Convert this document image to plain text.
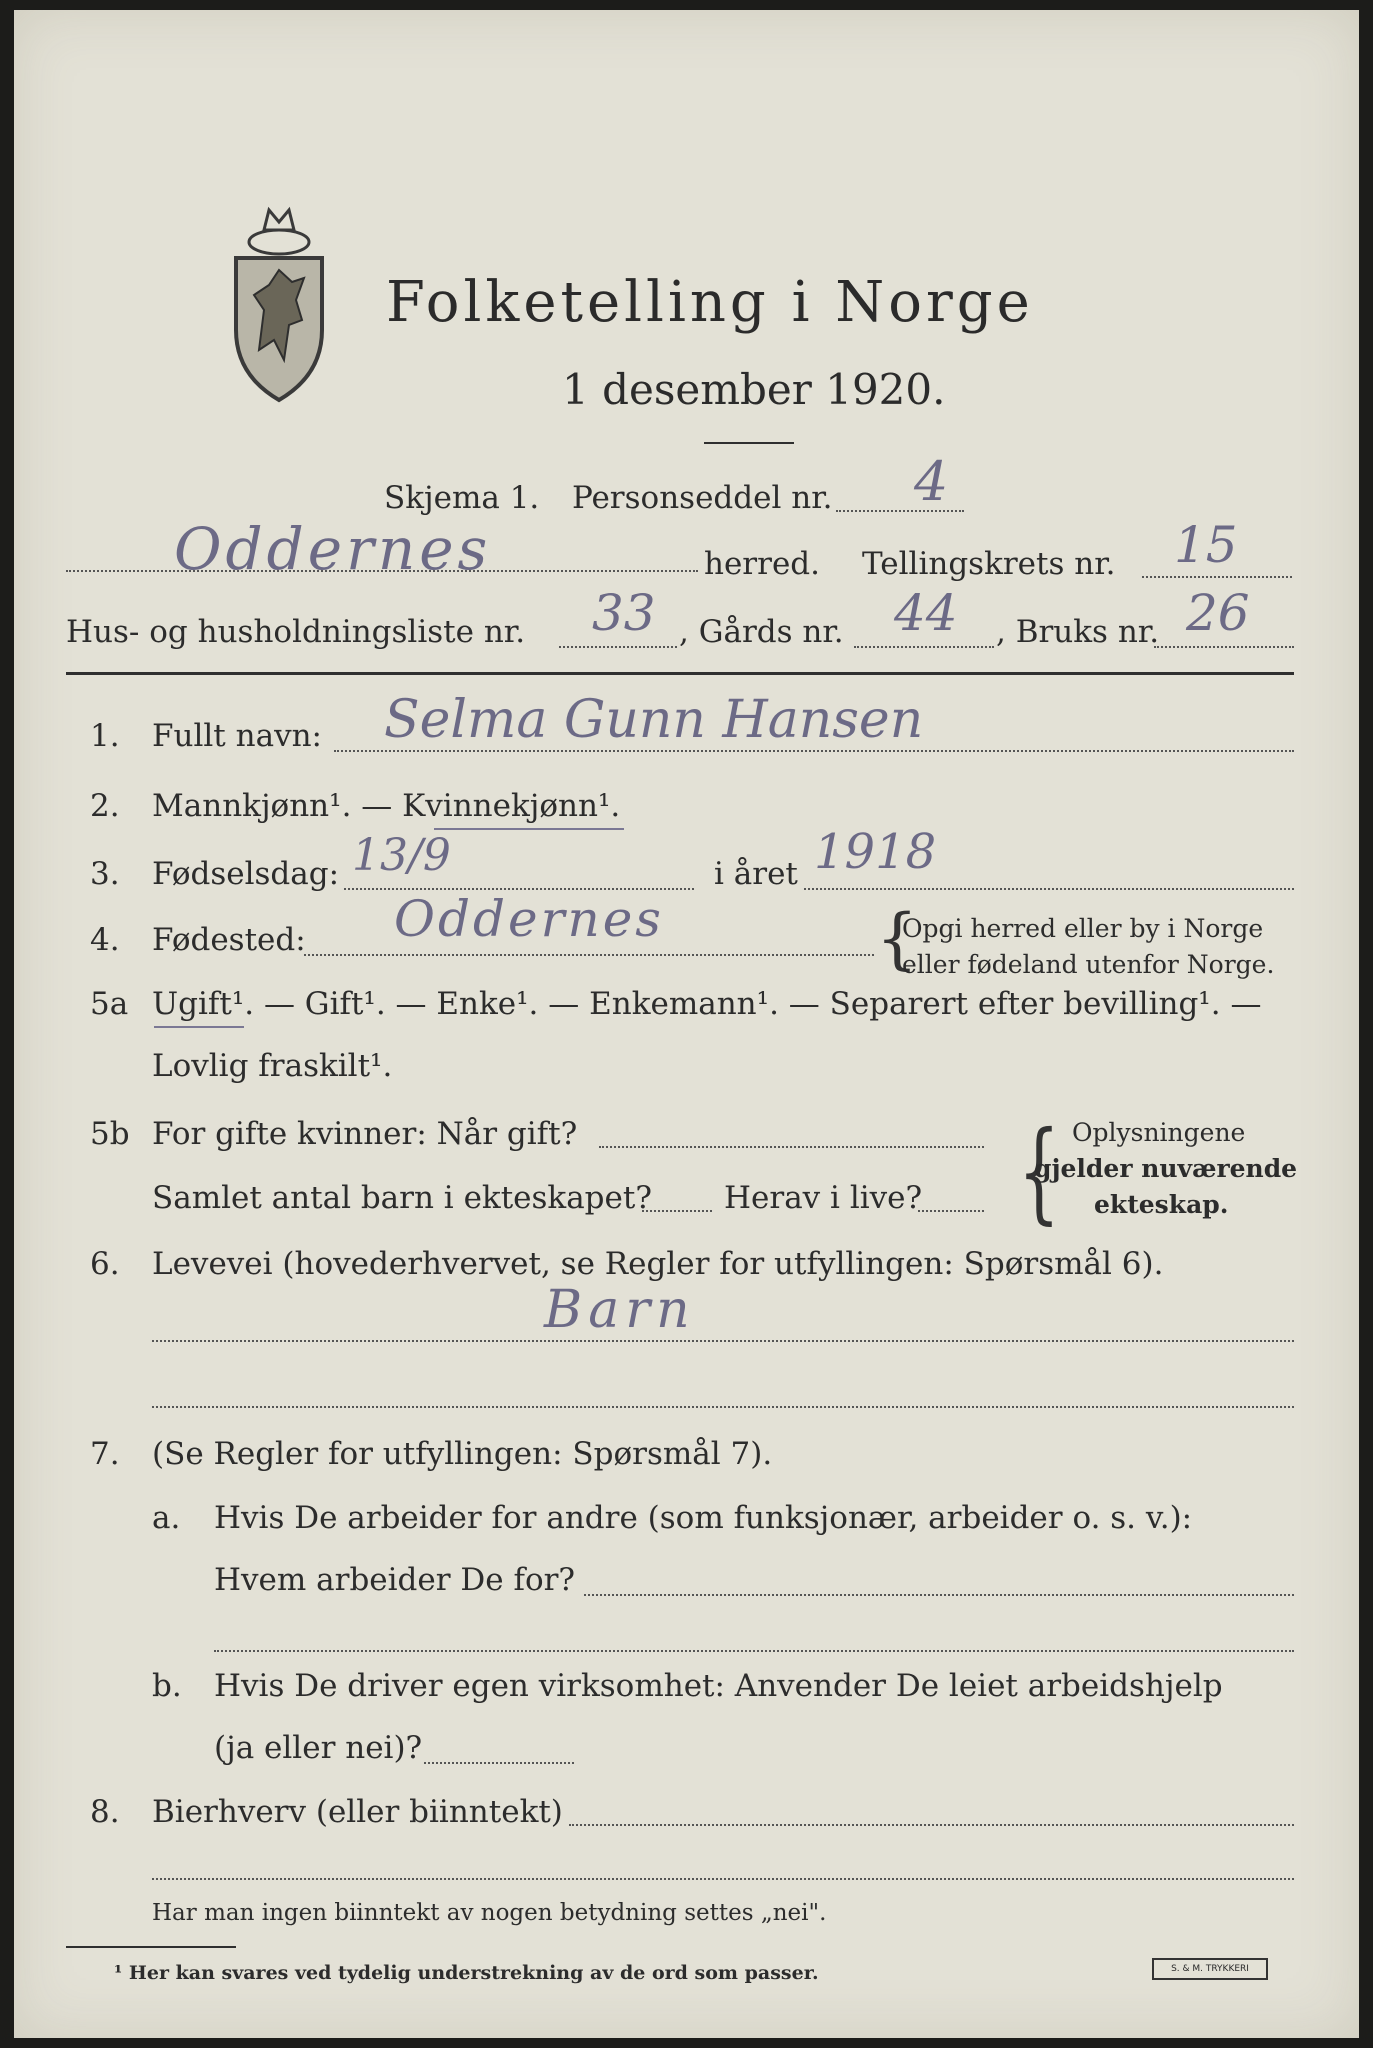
Folketelling i Norge
1 desember 1920.
Skjema 1. Personseddel nr. 4
Oddernes	herred. Tellingskrets nr. 15
Hus- og husholdningsliste nr. 33 , Gårds nr. 44 , Bruks nr. 26
1. Fullt navn: Selma Gunn Hansen
2. Mannkjønn¹. — Kvinnekjønn¹.
3. Fødselsdag: 13/9	i året 1918
4. Fødested: Oddernes	{
Opgi herred eller by i Norge
eller fødeland utenfor Norge.
5a Ugift¹. — Gift¹. — Enke¹. — Enkemann¹. — Separert efter bevilling¹. —
Lovlig fraskilt¹.
5b For gifte kvinner: Når gift?
Samlet antal barn i ekteskapet? Herav i live? { Oplysningene
gjelder nuværende
ekteskap.
6. Levevei (hovederhvervet, se Regler for utfyllingen: Spørsmål 6).
Barn
7. (Se Regler for utfyllingen: Spørsmål 7).
a. Hvis De arbeider for andre (som funksjonær, arbeider o. s. v.):
Hvem arbeider De for?
b. Hvis De driver egen virksomhet: Anvender De leiet arbeidshjelp
(ja eller nei)?
8. Bierhverv (eller biinntekt)
Har man ingen biinntekt av nogen betydning settes „nei".
¹ Her kan svares ved tydelig understrekning av de ord som passer.	S. & M. TRYKKERI
